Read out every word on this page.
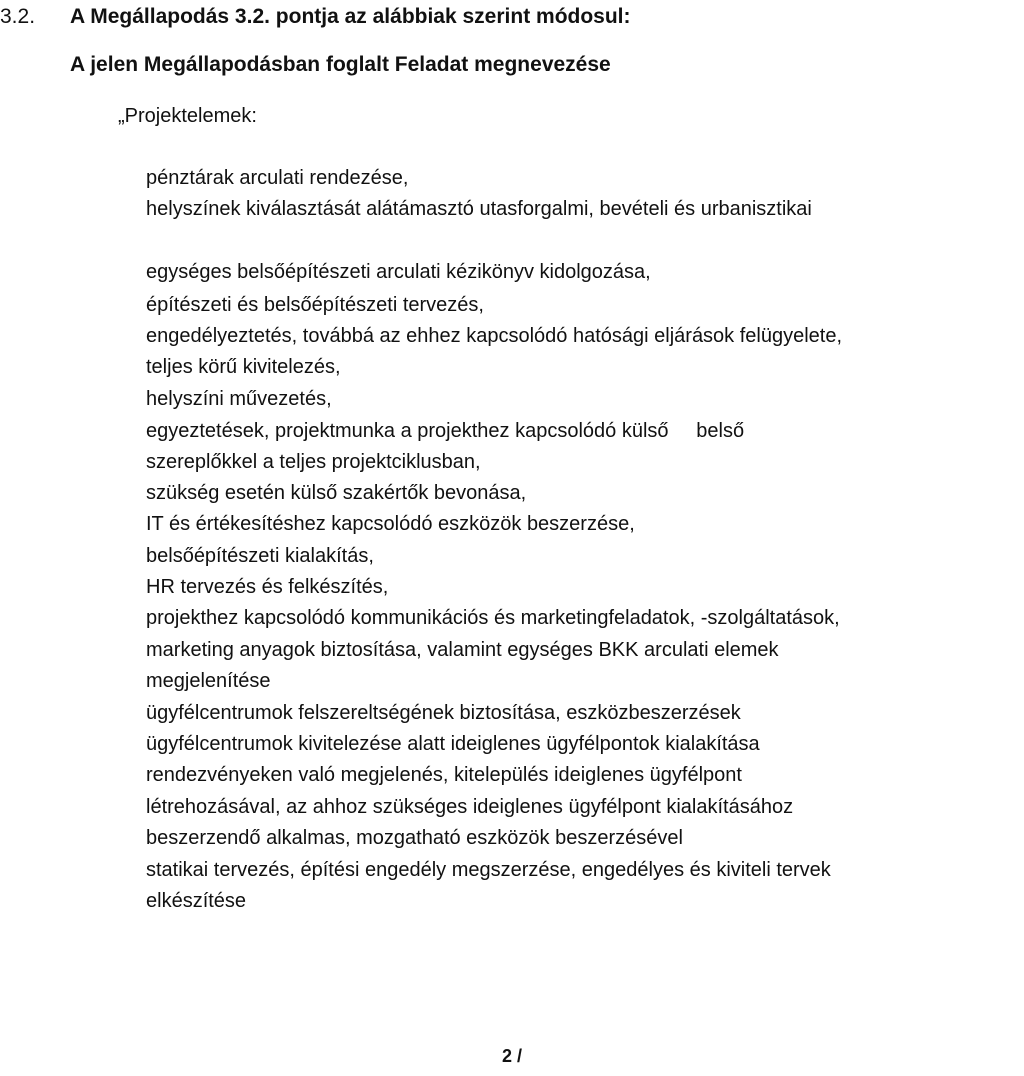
3.2. A Megállapodás 3.2. pontja az alábbiak szerint módosul:
A jelen Megállapodásban foglalt Feladat megnevezése
„Projektelemek:
pénztárak arculati rendezése,
helyszínek kiválasztását alátámasztó utasforgalmi, bevételi és urbanisztikai
egységes belsőépítészeti arculati kézikönyv kidolgozása,
építészeti és belsőépítészeti tervezés,
engedélyeztetés, továbbá az ehhez kapcsolódó hatósági eljárások felügyelete,
teljes körű kivitelezés,
helyszíni művezetés,
egyeztetések, projektmunka a projekthez kapcsolódó külső     belső
szereplőkkel a teljes projektciklusban,
szükség esetén külső szakértők bevonása,
IT és értékesítéshez kapcsolódó eszközök beszerzése,
belsőépítészeti kialakítás,
HR tervezés és felkészítés,
projekthez kapcsolódó kommunikációs és marketingfeladatok, -szolgáltatások,
marketing anyagok biztosítása, valamint egységes BKK arculati elemek
megjelenítése
ügyfélcentrumok felszereltségének biztosítása, eszközbeszerzések
ügyfélcentrumok kivitelezése alatt ideiglenes ügyfélpontok kialakítása
rendezvényeken való megjelenés, kitelepülés ideiglenes ügyfélpont
létrehozásával, az ahhoz szükséges ideiglenes ügyfélpont kialakításához
beszerzendő alkalmas, mozgatható eszközök beszerzésével
statikai tervezés, építési engedély megszerzése, engedélyes és kiviteli tervek
elkészítése
2 /
